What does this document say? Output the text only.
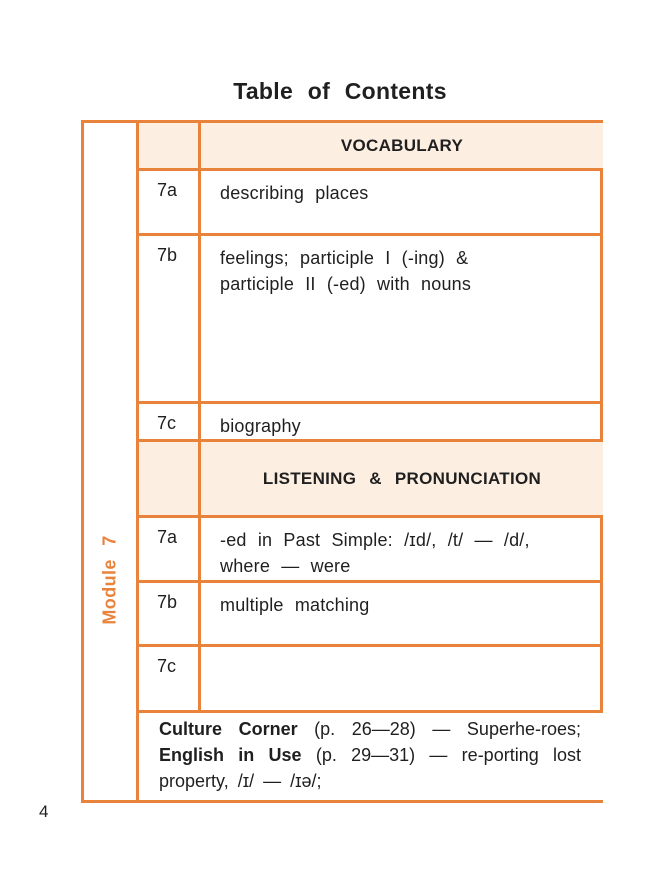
Table of Contents
Module 7
VOCABULARY
7a	describing places
7b	feelings; participle I (-ing) &
participle II (-ed) with nouns
7c	biography
LISTENING & PRONUNCIATION
7a	-ed in Past Simple: /ɪd/, /t/ — /d/,
where — were
7b	multiple matching
7c
Culture Corner (p. 26—28) — Superhe-roes; English in Use (p. 29—31) — re-porting lost property, /ɪ/ — /ɪə/;
4
